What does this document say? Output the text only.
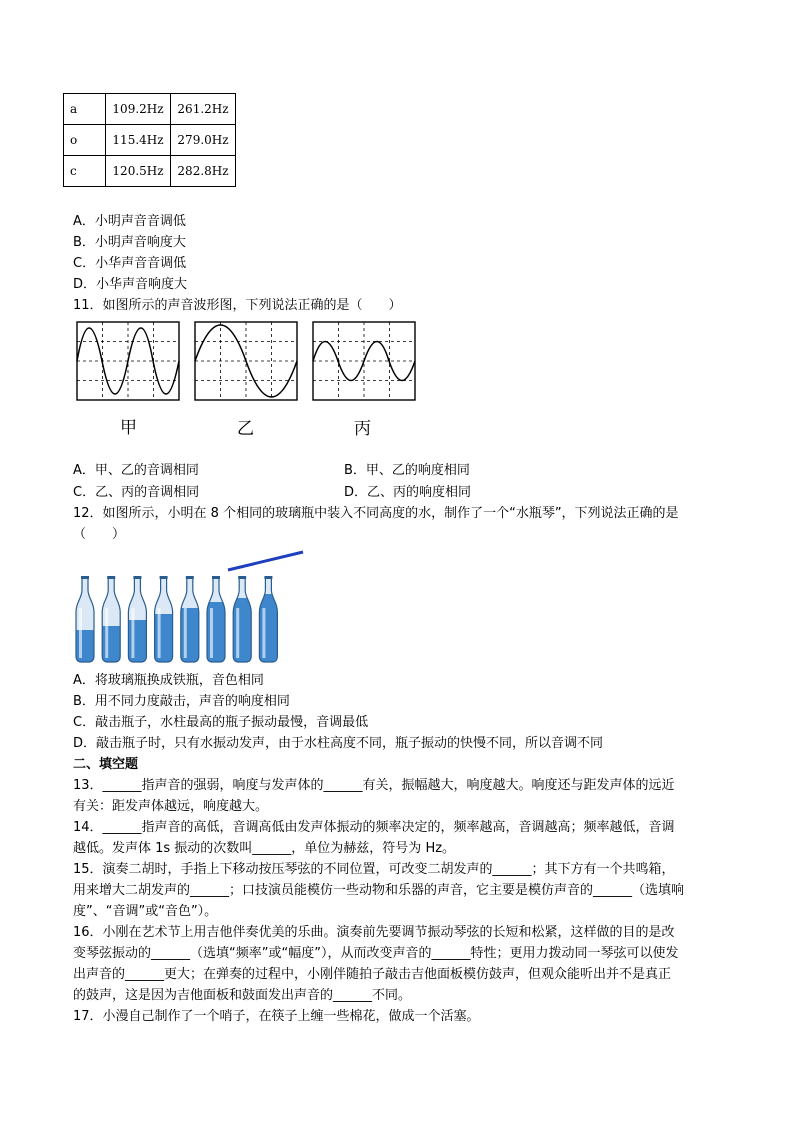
a	109.2Hz	261.2Hz
o	115.4Hz	279.0Hz
c	120.5Hz	282.8Hz
A．小明声音音调低
B．小明声音响度大
C．小华声音音调低
D．小华声音响度大
11．如图所示的声音波形图，下列说法正确的是（　　）
甲	乙	丙
A．甲、乙的音调相同	B．甲、乙的响度相同
C．乙、丙的音调相同	D．乙、丙的响度相同
12．如图所示，小明在 8 个相同的玻璃瓶中装入不同高度的水，制作了一个“水瓶琴”，下列说法正确的是
（　　）
A．将玻璃瓶换成铁瓶，音色相同
B．用不同力度敲击，声音的响度相同
C．敲击瓶子，水柱最高的瓶子振动最慢，音调最低
D．敲击瓶子时，只有水振动发声，由于水柱高度不同，瓶子振动的快慢不同，所以音调不同
二、填空题
13．______指声音的强弱，响度与发声体的______有关，振幅越大，响度越大。响度还与距发声体的远近
有关：距发声体越远，响度越大。
14．______指声音的高低，音调高低由发声体振动的频率决定的，频率越高，音调越高；频率越低，音调
越低。发声体 1s 振动的次数叫______，单位为赫兹，符号为 Hz。
15．演奏二胡时，手指上下移动按压琴弦的不同位置，可改变二胡发声的______；其下方有一个共鸣箱，
用来增大二胡发声的______；口技演员能模仿一些动物和乐器的声音，它主要是模仿声音的______（选填响
度”、“音调”或“音色”）。
16．小刚在艺术节上用吉他伴奏优美的乐曲。演奏前先要调节振动琴弦的长短和松紧，这样做的目的是改
变琴弦振动的______（选填“频率”或“幅度”），从而改变声音的______特性；更用力拨动同一琴弦可以使发
出声音的______更大；在弹奏的过程中，小刚伴随拍子敲击吉他面板模仿鼓声，但观众能听出并不是真正
的鼓声，这是因为吉他面板和鼓面发出声音的______不同。
17．小漫自己制作了一个哨子，在筷子上缠一些棉花，做成一个活塞。
